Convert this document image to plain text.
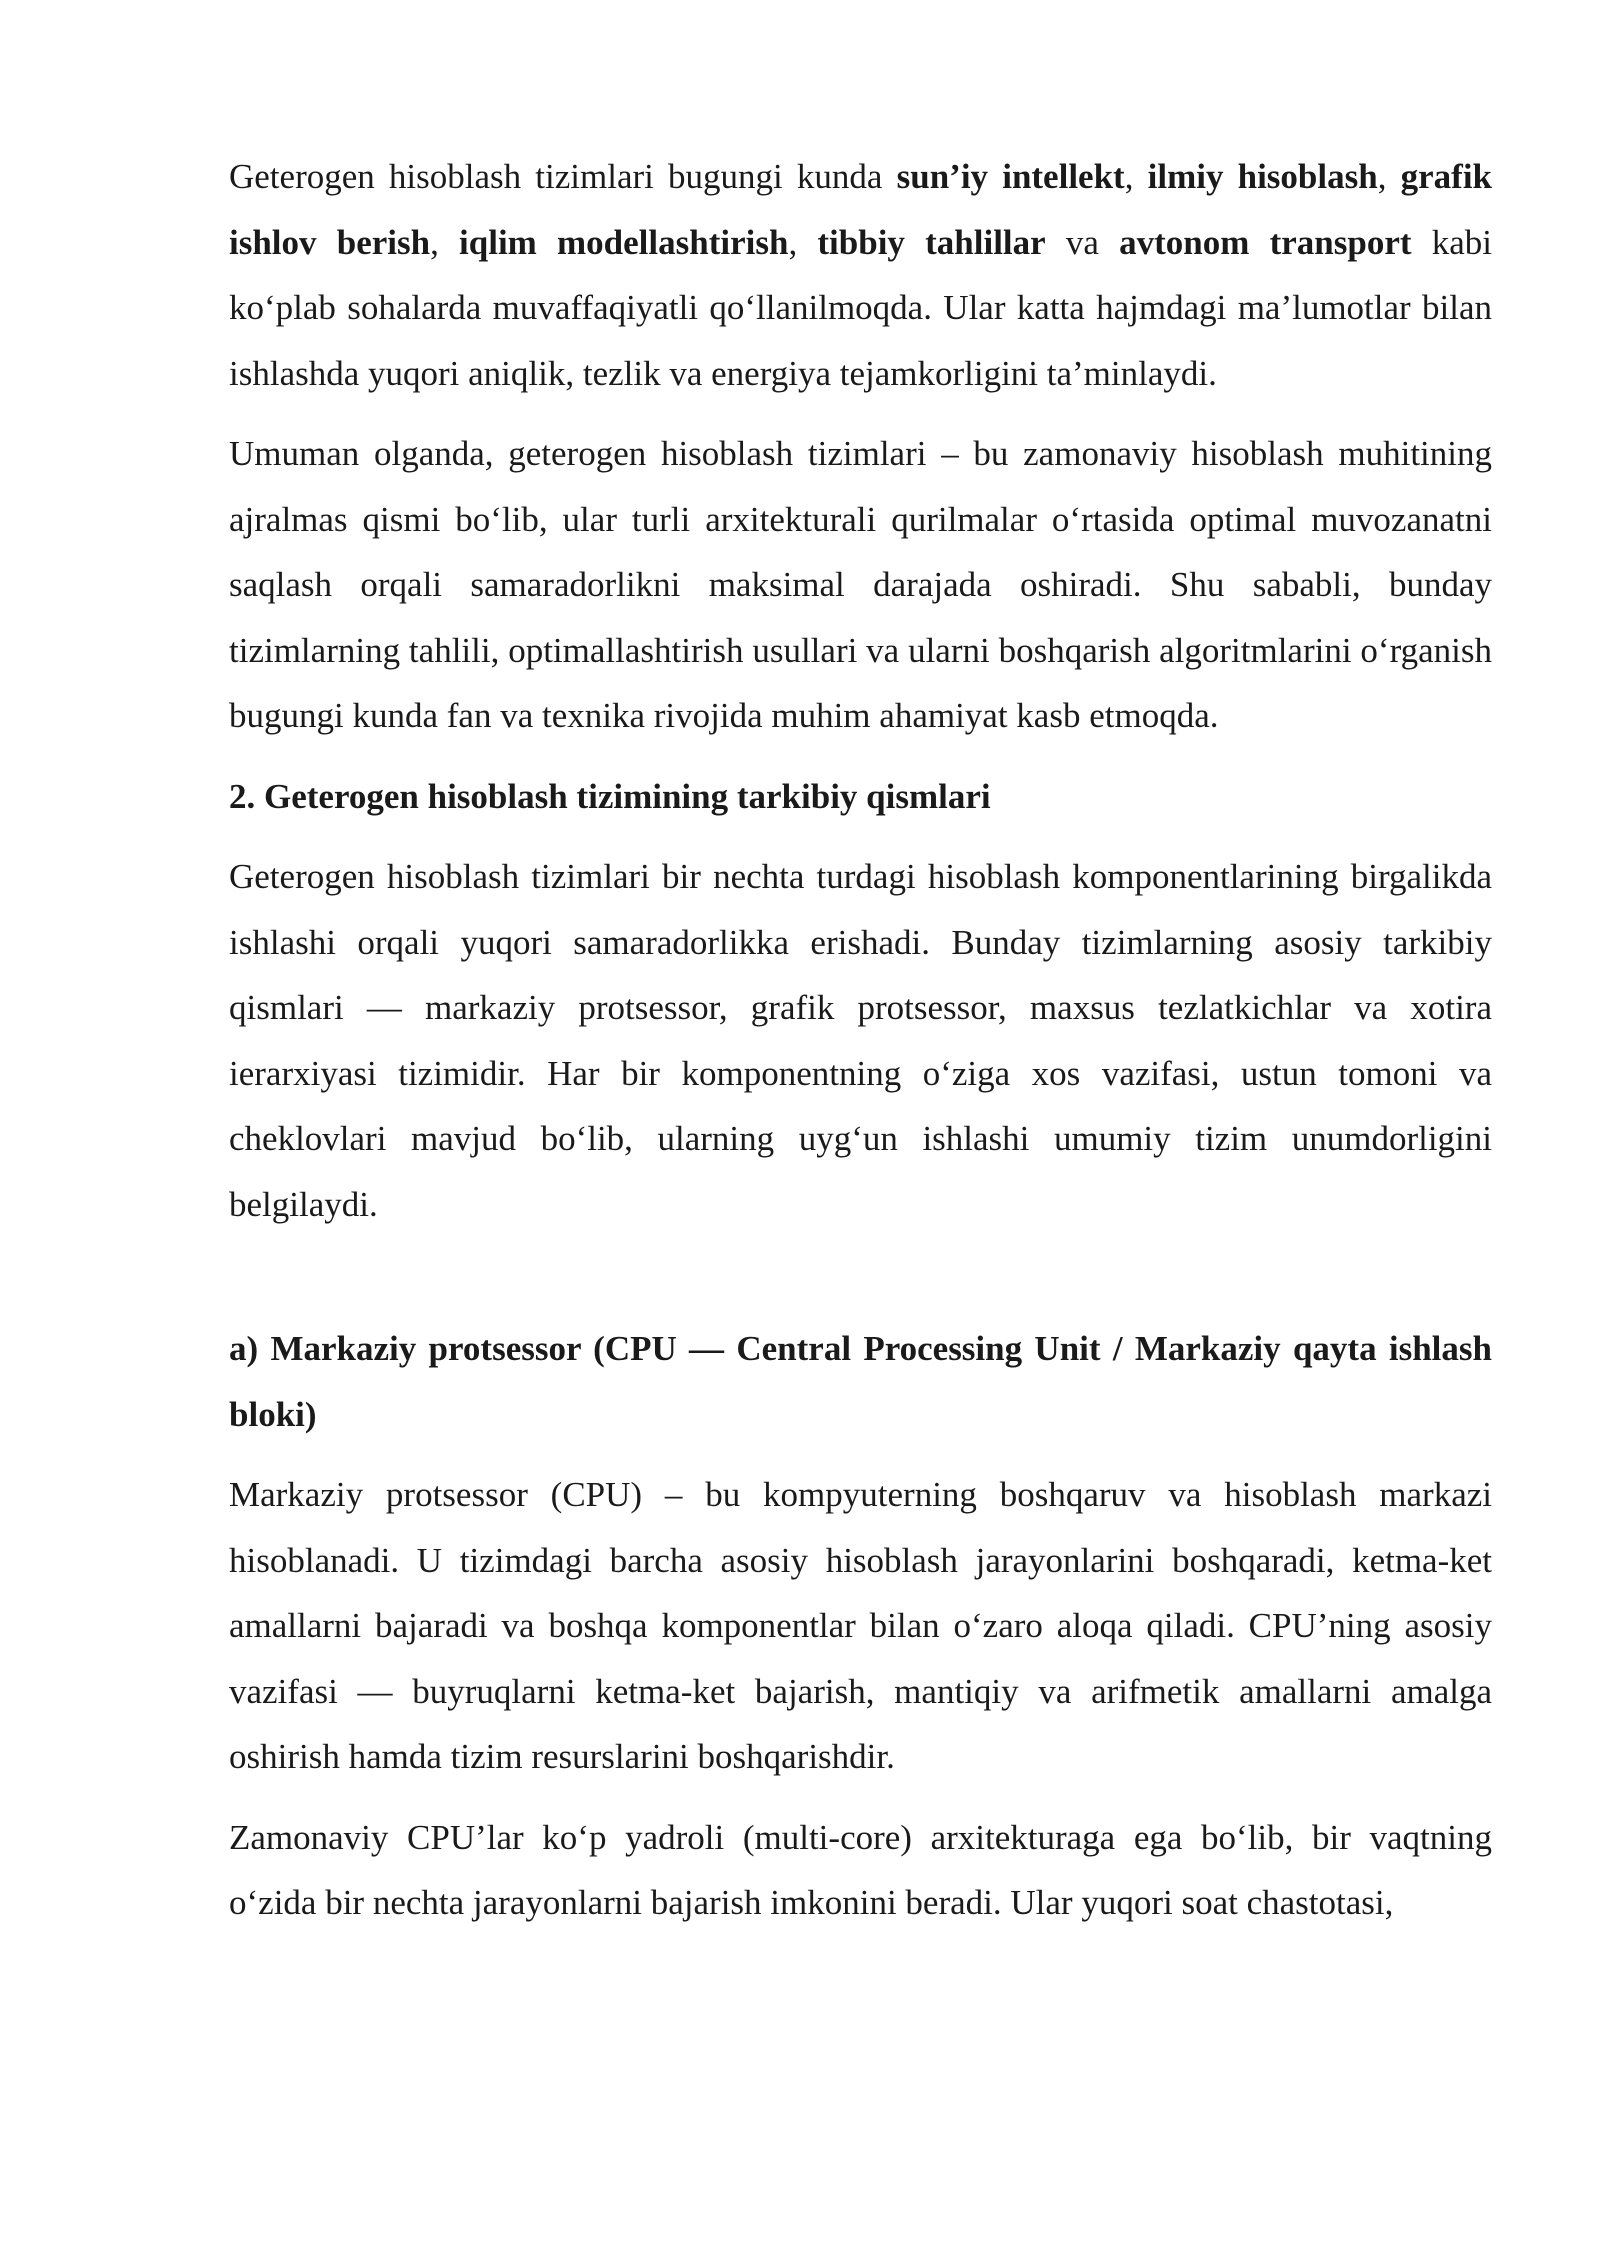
Geterogen hisoblash tizimlari bugungi kunda sun’iy intellekt, ilmiy hisoblash, grafik ishlov berish, iqlim modellashtirish, tibbiy tahlillar va avtonom transport kabi ko‘plab sohalarda muvaffaqiyatli qo‘llanilmoqda. Ular katta hajmdagi ma’lumotlar bilan ishlashda yuqori aniqlik, tezlik va energiya tejamkorligini ta’minlaydi.

Umuman olganda, geterogen hisoblash tizimlari – bu zamonaviy hisoblash muhitining ajralmas qismi bo‘lib, ular turli arxitekturali qurilmalar o‘rtasida optimal muvozanatni saqlash orqali samaradorlikni maksimal darajada oshiradi. Shu sababli, bunday tizimlarning tahlili, optimallashtirish usullari va ularni boshqarish algoritmlarini o‘rganish bugungi kunda fan va texnika rivojida muhim ahamiyat kasb etmoqda.

2. Geterogen hisoblash tizimining tarkibiy qismlari

Geterogen hisoblash tizimlari bir nechta turdagi hisoblash komponentlarining birgalikda ishlashi orqali yuqori samaradorlikka erishadi. Bunday tizimlarning asosiy tarkibiy qismlari — markaziy protsessor, grafik protsessor, maxsus tezlatkichlar va xotira ierarxiyasi tizimidir. Har bir komponentning o‘ziga xos vazifasi, ustun tomoni va cheklovlari mavjud bo‘lib, ularning uyg‘un ishlashi umumiy tizim unumdorligini belgilaydi.

a) Markaziy protsessor (CPU — Central Processing Unit / Markaziy qayta ishlash bloki)

Markaziy protsessor (CPU) – bu kompyuterning boshqaruv va hisoblash markazi hisoblanadi. U tizimdagi barcha asosiy hisoblash jarayonlarini boshqaradi, ketma-ket amallarni bajaradi va boshqa komponentlar bilan o‘zaro aloqa qiladi. CPU’ning asosiy vazifasi — buyruqlarni ketma-ket bajarish, mantiqiy va arifmetik amallarni amalga oshirish hamda tizim resurslarini boshqarishdir.

Zamonaviy CPU’lar ko‘p yadroli (multi-core) arxitekturaga ega bo‘lib, bir vaqtning o‘zida bir nechta jarayonlarni bajarish imkonini beradi. Ular yuqori soat chastotasi,
